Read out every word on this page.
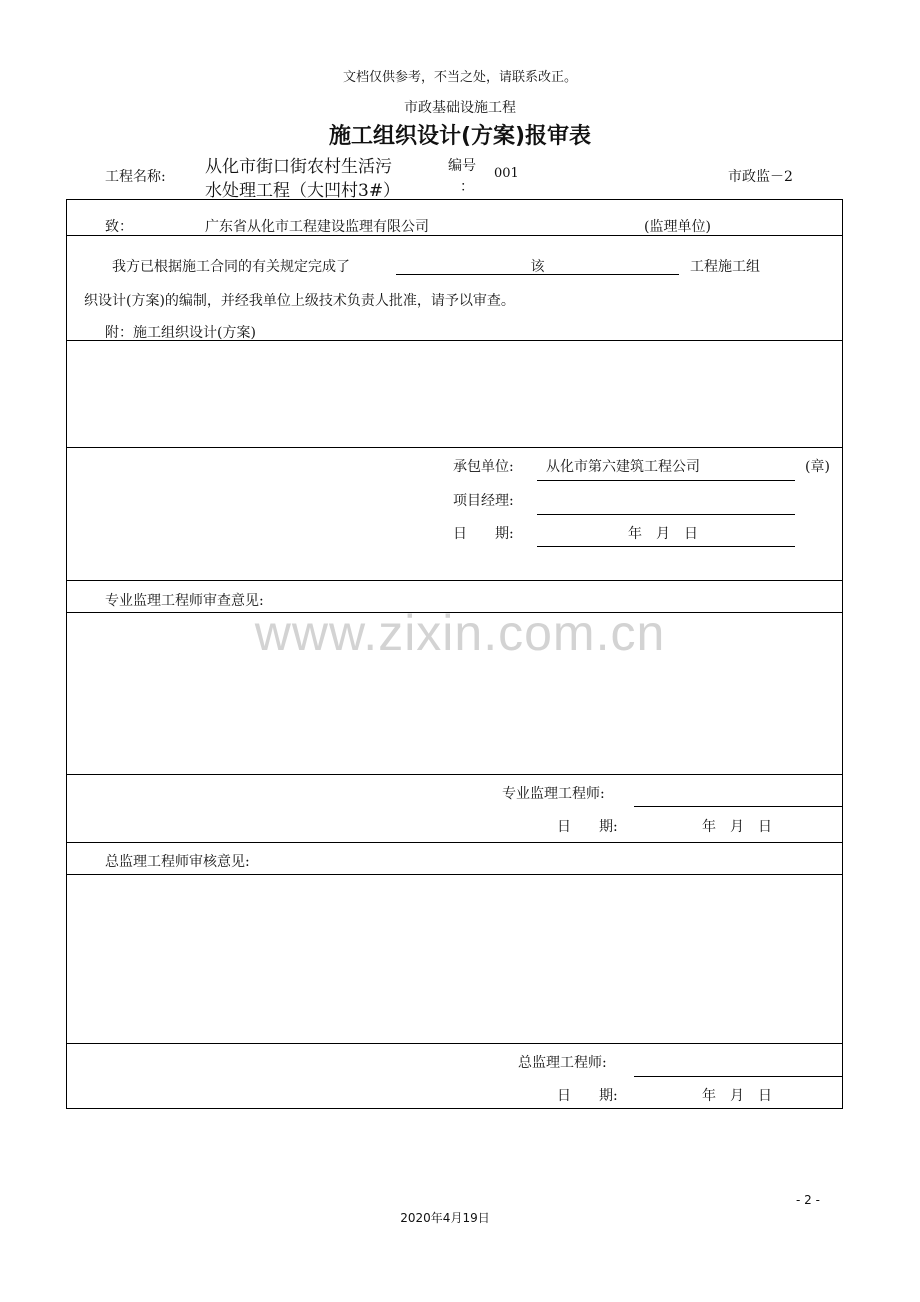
文档仅供参考，不当之处，请联系改正。
市政基础设施工程
施工组织设计(方案)报审表
工程名称: 从化市街口街农村生活污
水处理工程（大凹村3#）
编号
：
001	市政监－2
致：	广东省从化市工程建设监理有限公司	(监理单位)
我方已根据施工合同的有关规定完成了	该	工程施工组
织设计(方案)的编制，并经我单位上级技术负责人批准，请予以审查。
附：施工组织设计(方案)
承包单位: 从化市第六建筑工程公司	(章)
项目经理:
日　　期:	年　月　日
专业监理工程师审查意见:
www.zixin.com.cn
专业监理工程师:
日　　期:	年　月　日
总监理工程师审核意见:
总监理工程师:
日　　期:	年　月　日
- 2 -
2020年4月19日
